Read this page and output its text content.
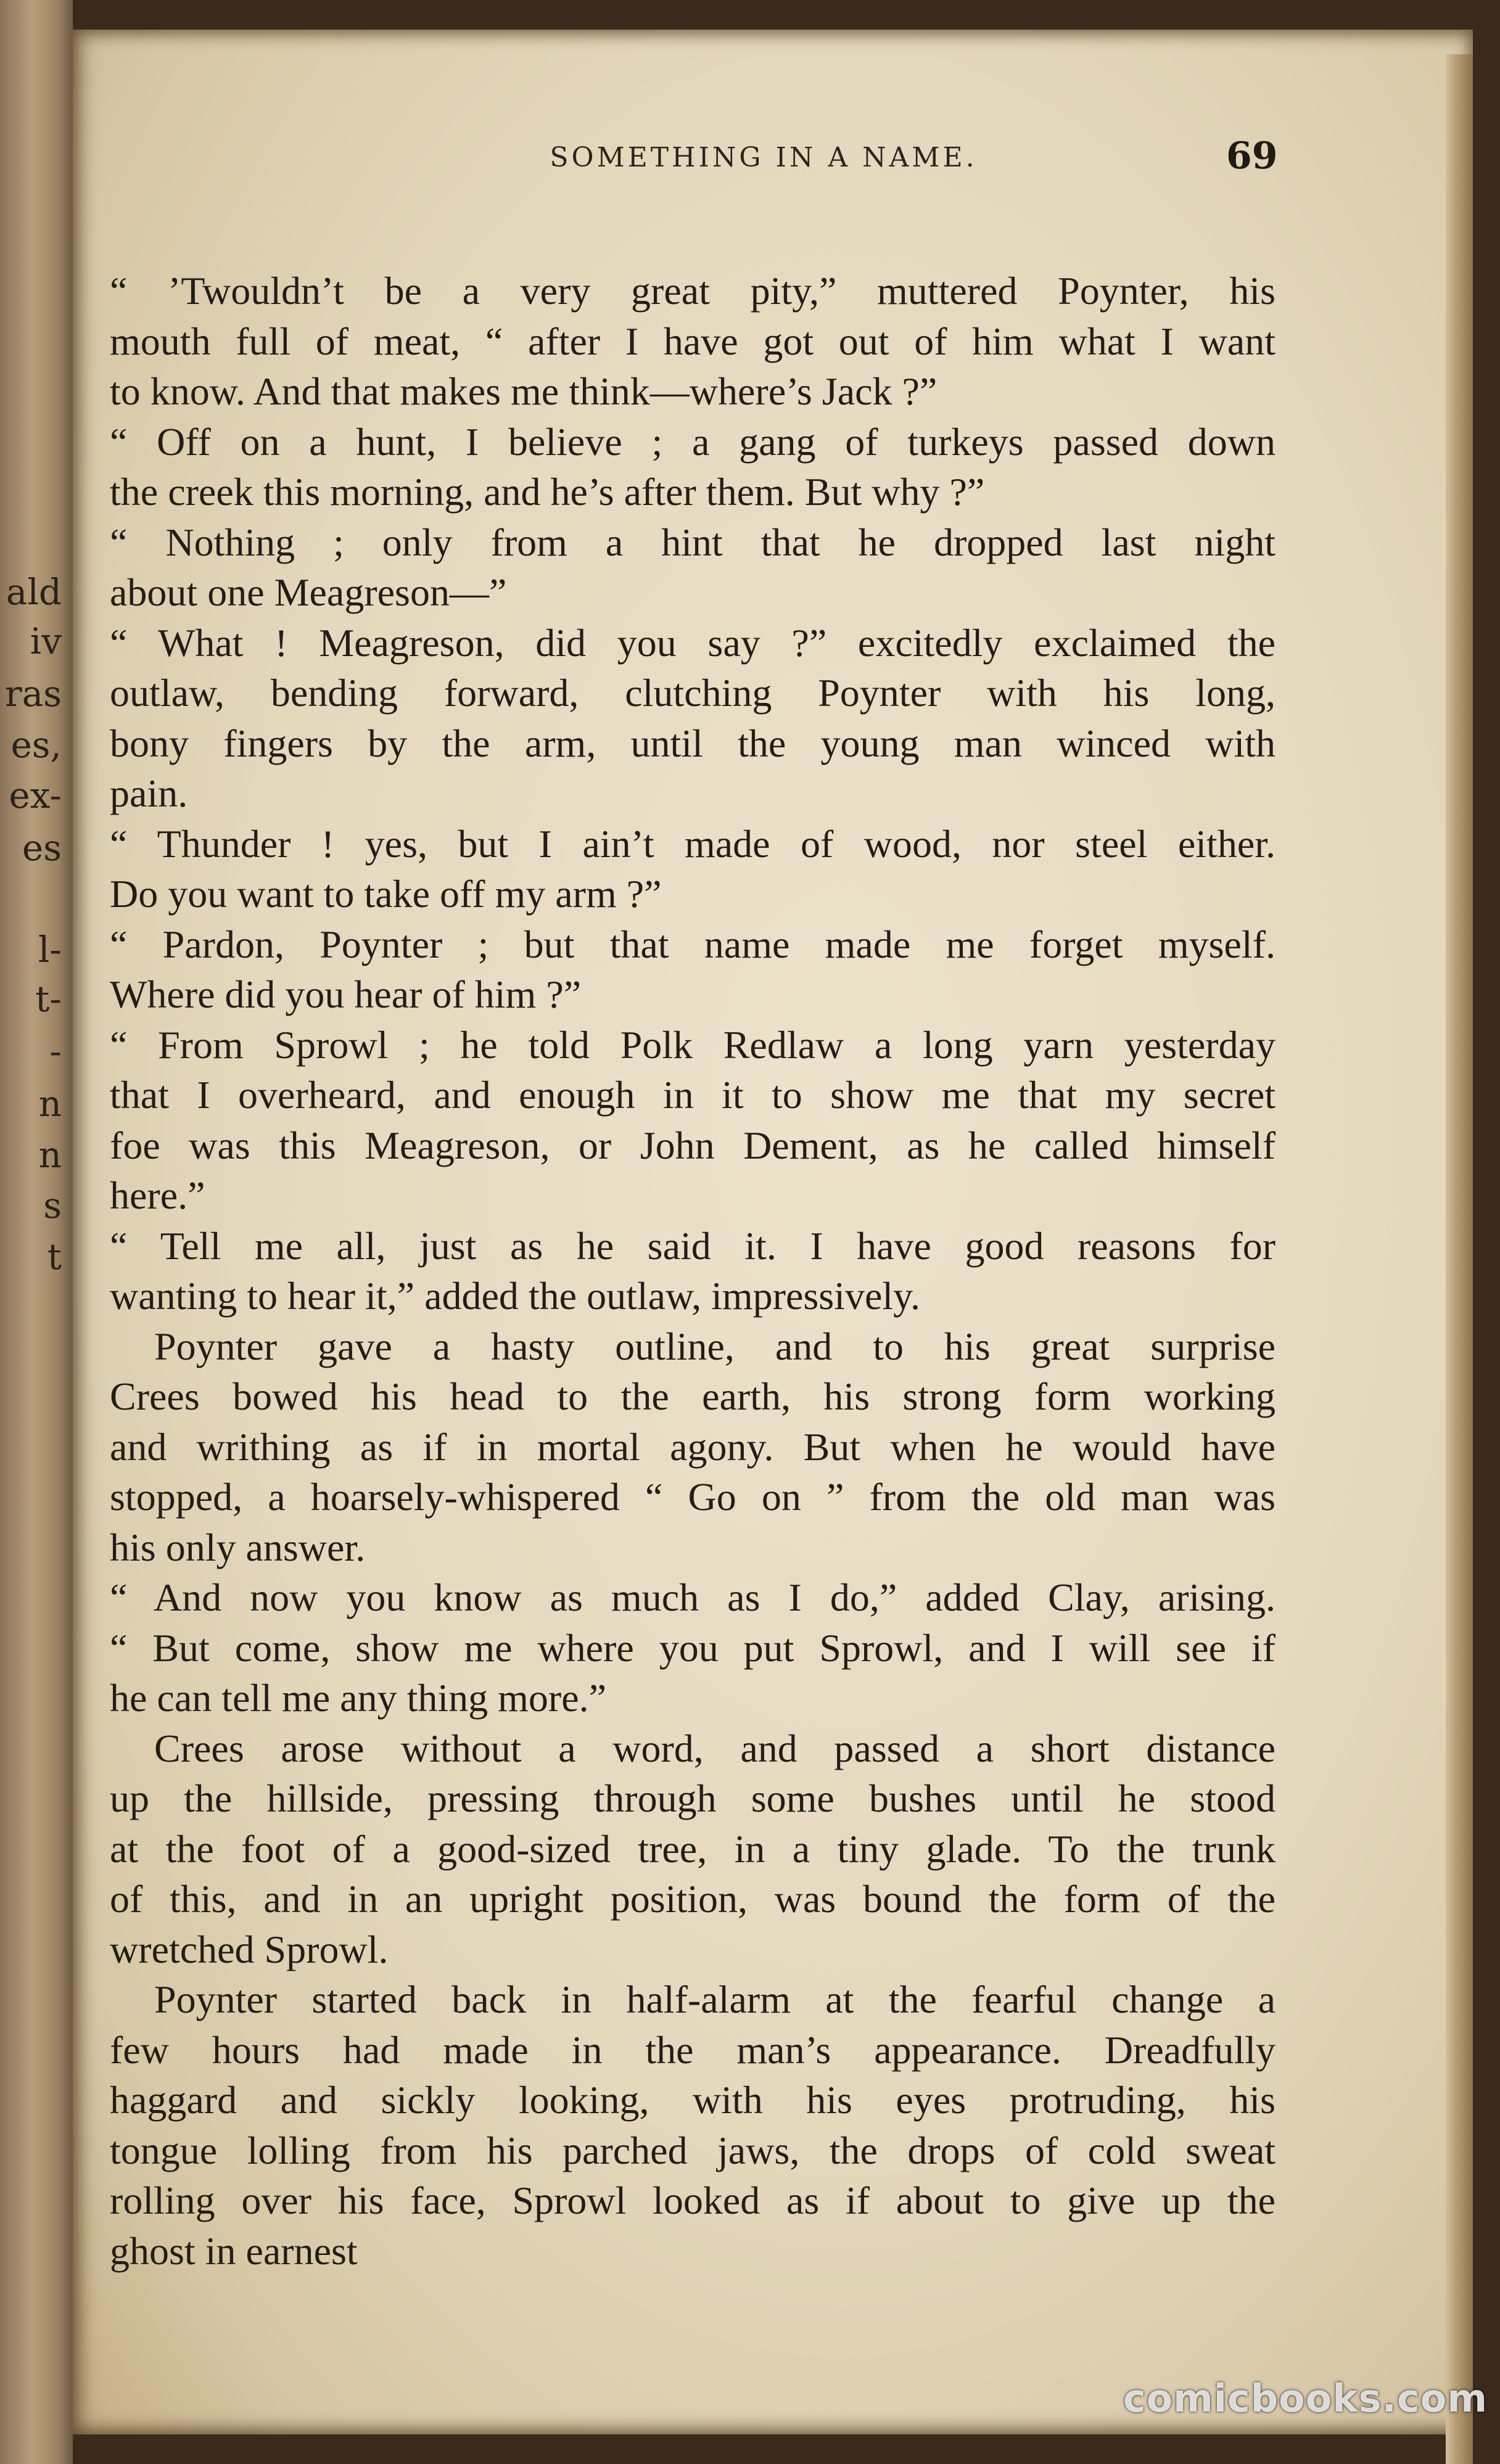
ald
iv
ras
es,
ex-
es
l-
t-
-
n
n
s
t
SOMETHING IN A NAME.	69
“ ’Twouldn’t be a very great pity,” muttered Poynter, his
mouth full of meat, “ after I have got out of him what I want
to know. And that makes me think—where’s Jack ?”
“ Off on a hunt, I believe ; a gang of turkeys passed down
the creek this morning, and he’s after them. But why ?”
“ Nothing ; only from a hint that he dropped last night
about one Meagreson—”
“ What ! Meagreson, did you say ?” excitedly exclaimed the
outlaw, bending forward, clutching Poynter with his long,
bony fingers by the arm, until the young man winced with
pain.
“ Thunder ! yes, but I ain’t made of wood, nor steel either.
Do you want to take off my arm ?”
“ Pardon, Poynter ; but that name made me forget myself.
Where did you hear of him ?”
“ From Sprowl ; he told Polk Redlaw a long yarn yesterday
that I overheard, and enough in it to show me that my secret
foe was this Meagreson, or John Dement, as he called himself
here.”
“ Tell me all, just as he said it. I have good reasons for
wanting to hear it,” added the outlaw, impressively.
Poynter gave a hasty outline, and to his great surprise
Crees bowed his head to the earth, his strong form working
and writhing as if in mortal agony. But when he would have
stopped, a hoarsely-whispered “ Go on ” from the old man was
his only answer.
“ And now you know as much as I do,” added Clay, arising.
“ But come, show me where you put Sprowl, and I will see if
he can tell me any thing more.”
Crees arose without a word, and passed a short distance
up the hillside, pressing through some bushes until he stood
at the foot of a good-sized tree, in a tiny glade. To the trunk
of this, and in an upright position, was bound the form of the
wretched Sprowl.
Poynter started back in half-alarm at the fearful change a
few hours had made in the man’s appearance. Dreadfully
haggard and sickly looking, with his eyes protruding, his
tongue lolling from his parched jaws, the drops of cold sweat
rolling over his face, Sprowl looked as if about to give up the
ghost in earnest
comicbooks.com
